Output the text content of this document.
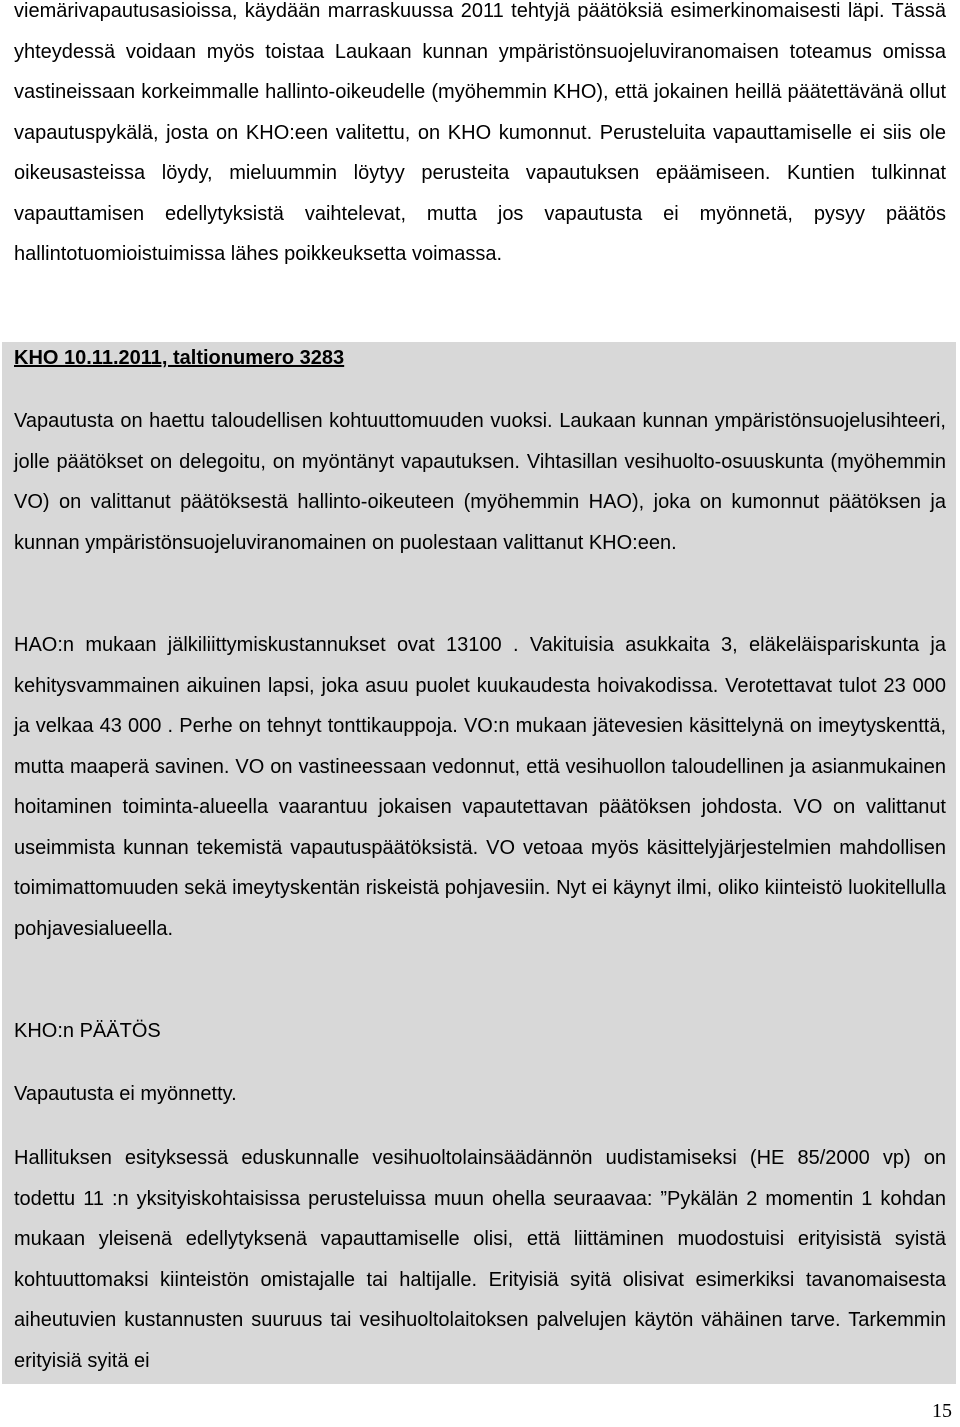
viemärivapautusasioissa, käydään marraskuussa 2011 tehtyjä päätöksiä esimerkinomaisesti läpi. Tässä yhteydessä voidaan myös toistaa Laukaan kunnan ympäristönsuojeluviranomaisen toteamus omissa vastineissaan korkeimmalle hallinto-oikeudelle (myöhemmin KHO), että jokainen heillä päätettävänä ollut vapautuspykälä, josta on KHO:een valitettu, on KHO kumonnut. Perusteluita vapauttamiselle ei siis ole oikeusasteissa löydy, mieluummin löytyy perusteita vapautuksen epäämiseen. Kuntien tulkinnat vapauttamisen edellytyksistä vaihtelevat, mutta jos vapautusta ei myönnetä, pysyy päätös hallintotuomioistuimissa lähes poikkeuksetta voimassa.
KHO 10.11.2011, taltionumero 3283
Vapautusta on haettu taloudellisen kohtuuttomuuden vuoksi. Laukaan kunnan ympäristönsuojelusihteeri, jolle päätökset on delegoitu, on myöntänyt vapautuksen. Vihtasillan vesihuolto-osuuskunta (myöhemmin VO) on valittanut päätöksestä hallinto-oikeuteen (myöhemmin HAO), joka on kumonnut päätöksen ja kunnan ympäristönsuojeluviranomainen on puolestaan valittanut KHO:een.
HAO:n mukaan jälkiliittymiskustannukset ovat 13100 . Vakituisia asukkaita 3, eläkeläispariskunta ja kehitysvammainen aikuinen lapsi, joka asuu puolet kuukaudesta hoivakodissa. Verotettavat tulot 23 000 ja velkaa 43 000 . Perhe on tehnyt tonttikauppoja. VO:n mukaan jätevesien käsittelynä on imeytyskenttä, mutta maaperä savinen. VO on vastineessaan vedonnut, että vesihuollon taloudellinen ja asianmukainen hoitaminen toiminta-alueella vaarantuu jokaisen vapautettavan päätöksen johdosta. VO on valittanut useimmista kunnan tekemistä vapautuspäätöksistä. VO vetoaa myös käsittelyjärjestelmien mahdollisen toimimattomuuden sekä imeytyskentän riskeistä pohjavesiin. Nyt ei käynyt ilmi, oliko kiinteistö luokitellulla pohjavesialueella.
KHO:n PÄÄTÖS
Vapautusta ei myönnetty.
Hallituksen esityksessä eduskunnalle vesihuoltolainsäädännön uudistamiseksi (HE 85/2000 vp) on todettu 11 :n yksityiskohtaisissa perusteluissa muun ohella seuraavaa: ”Pykälän 2 momentin 1 kohdan mukaan yleisenä edellytyksenä vapauttamiselle olisi, että liittäminen muodostuisi erityisistä syistä kohtuuttomaksi kiinteistön omistajalle tai haltijalle. Erityisiä syitä olisivat esimerkiksi tavanomaisesta aiheutuvien kustannusten suuruus tai vesihuoltolaitoksen palvelujen käytön vähäinen tarve. Tarkemmin erityisiä syitä ei
15
